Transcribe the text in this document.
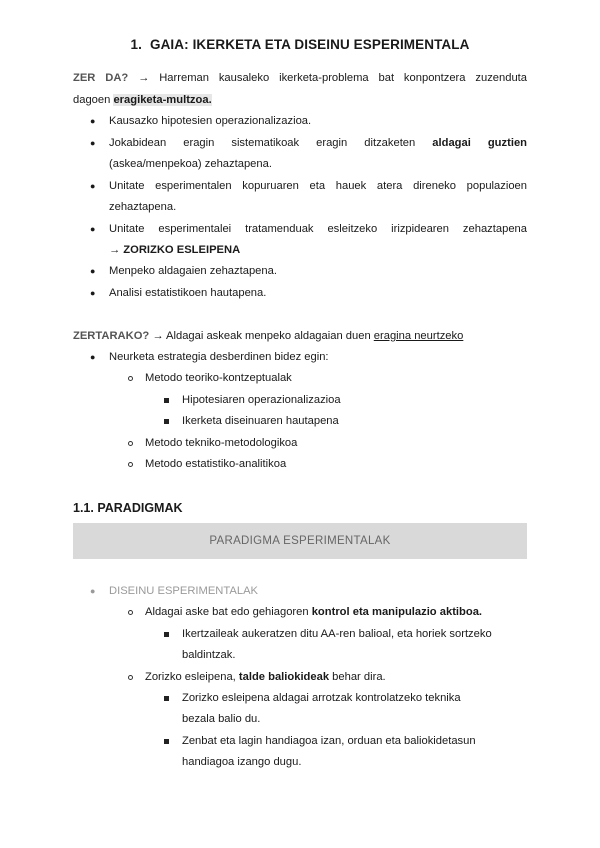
1. GAIA: IKERKETA ETA DISEINU ESPERIMENTALA
ZER DA? → Harreman kausaleko ikerketa-problema bat konpontzera zuzenduta
dagoen eragiketa-multzoa.
● Kausazko hipotesien operazionalizazioa.
● Jokabidean eragin sistematikoak eragin ditzaketen aldagai guztien
(askea/menpekoa) zehaztapena.
● Unitate esperimentalen kopuruaren eta hauek atera direneko populazioen
zehaztapena.
● Unitate esperimentalei tratamenduak esleitzeko irizpidearen zehaztapena
→ ZORIZKO ESLEIPENA
● Menpeko aldagaien zehaztapena.
● Analisi estatistikoen hautapena.
ZERTARAKO? → Aldagai askeak menpeko aldagaian duen eragina neurtzeko
● Neurketa estrategia desberdinen bidez egin:
Metodo teoriko-kontzeptualak
Hipotesiaren operazionalizazioa
Ikerketa diseinuaren hautapena
Metodo tekniko-metodologikoa
Metodo estatistiko-analitikoa
1.1. PARADIGMAK
PARADIGMA ESPERIMENTALAK
● DISEINU ESPERIMENTALAK
Aldagai aske bat edo gehiagoren kontrol eta manipulazio aktiboa.
Ikertzaileak aukeratzen ditu AA-ren balioal, eta horiek sortzeko
baldintzak.
Zorizko esleipena, talde baliokideak behar dira.
Zorizko esleipena aldagai arrotzak kontrolatzeko teknika
bezala balio du.
Zenbat eta lagin handiagoa izan, orduan eta baliokidetasun
handiagoa izango dugu.
